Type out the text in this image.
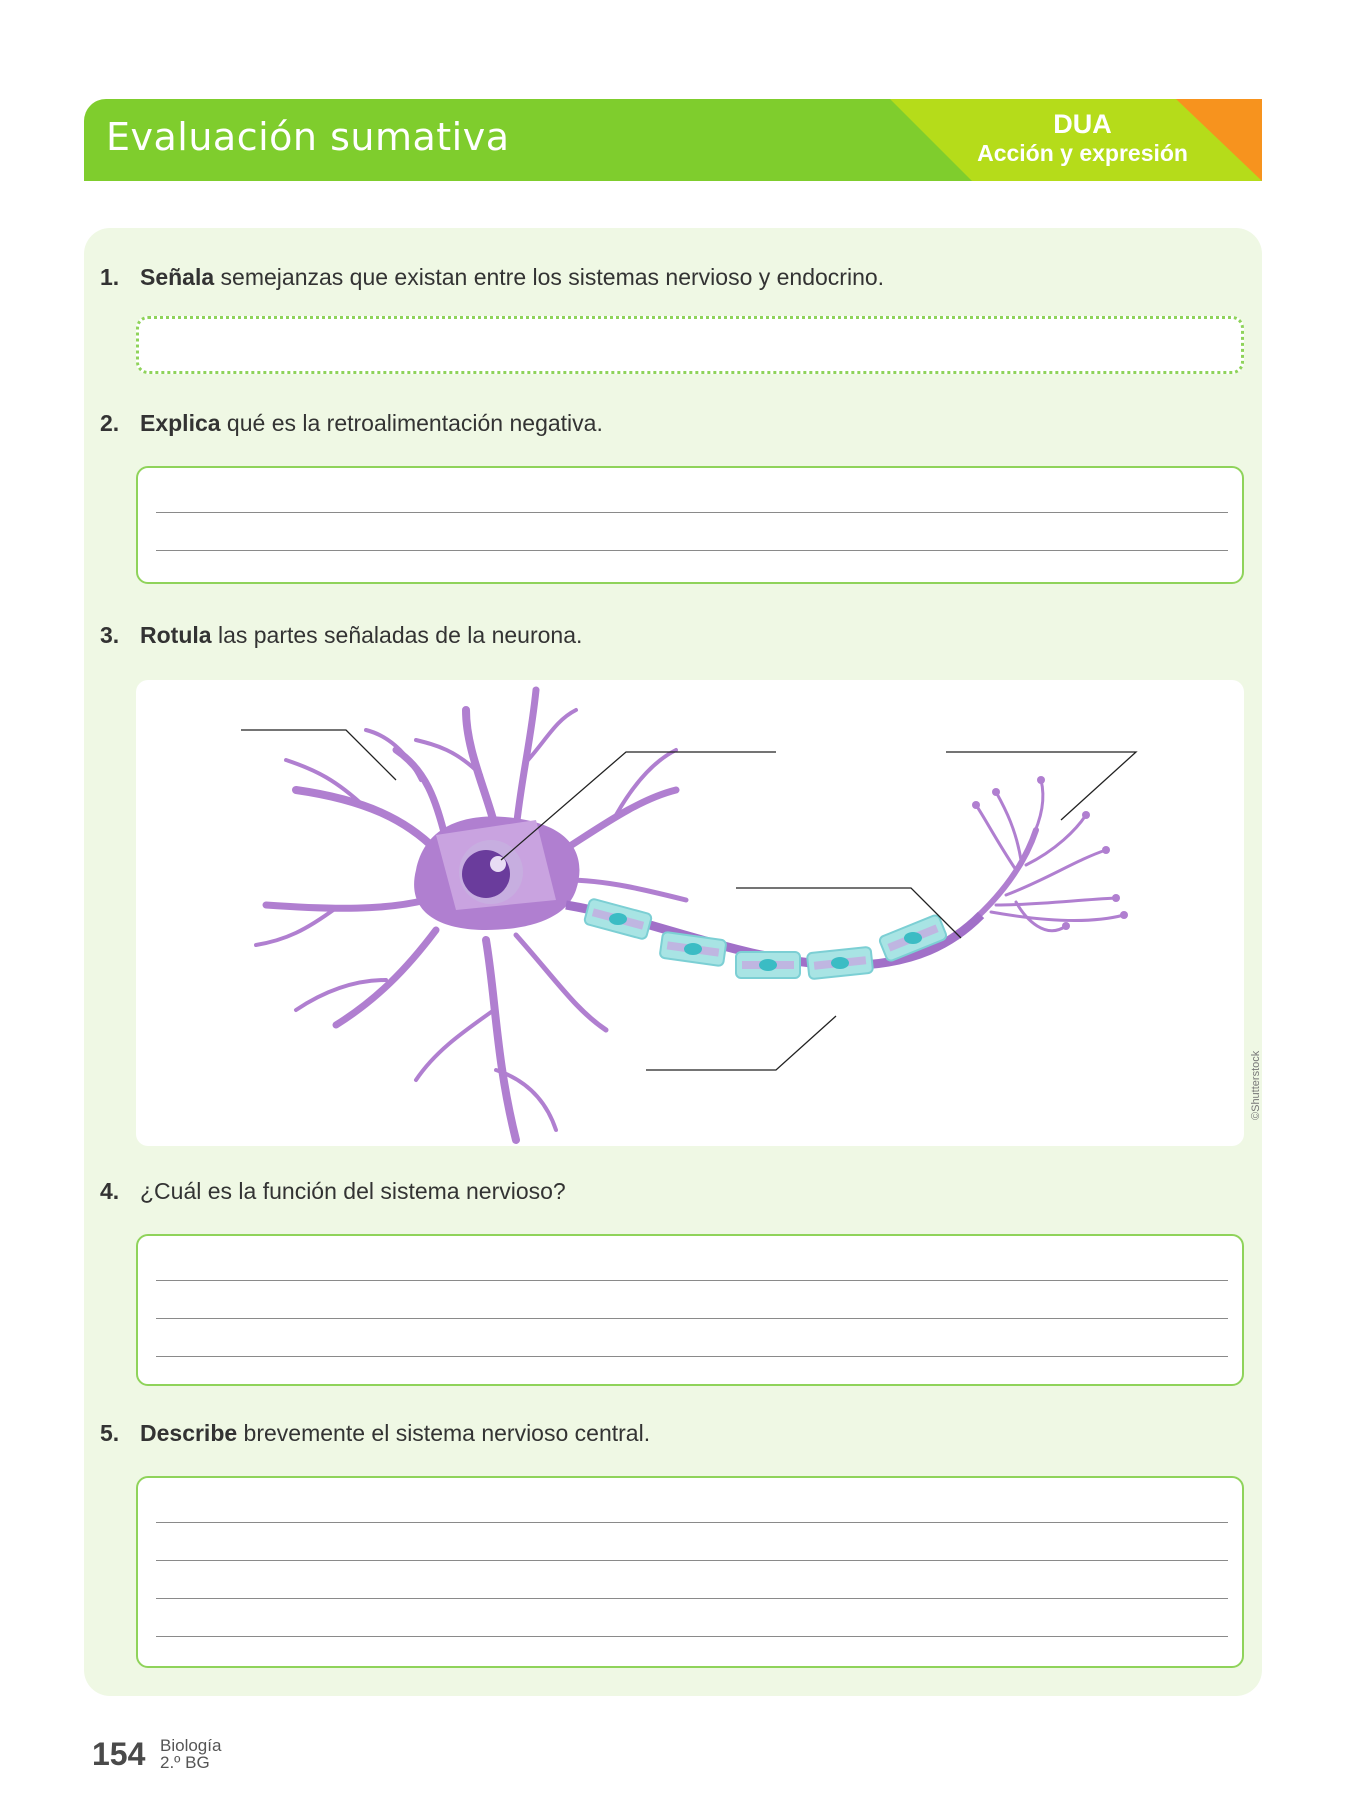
Evaluación sumativa	DUA
Acción y expresión
1. Señala semejanzas que existan entre los sistemas nervioso y endocrino.
2. Explica qué es la retroalimentación negativa.
3. Rotula las partes señaladas de la neurona.
©Shutterstock
4. ¿Cuál es la función del sistema nervioso?
5. Describe brevemente el sistema nervioso central.
154 Biología
2.º BG
